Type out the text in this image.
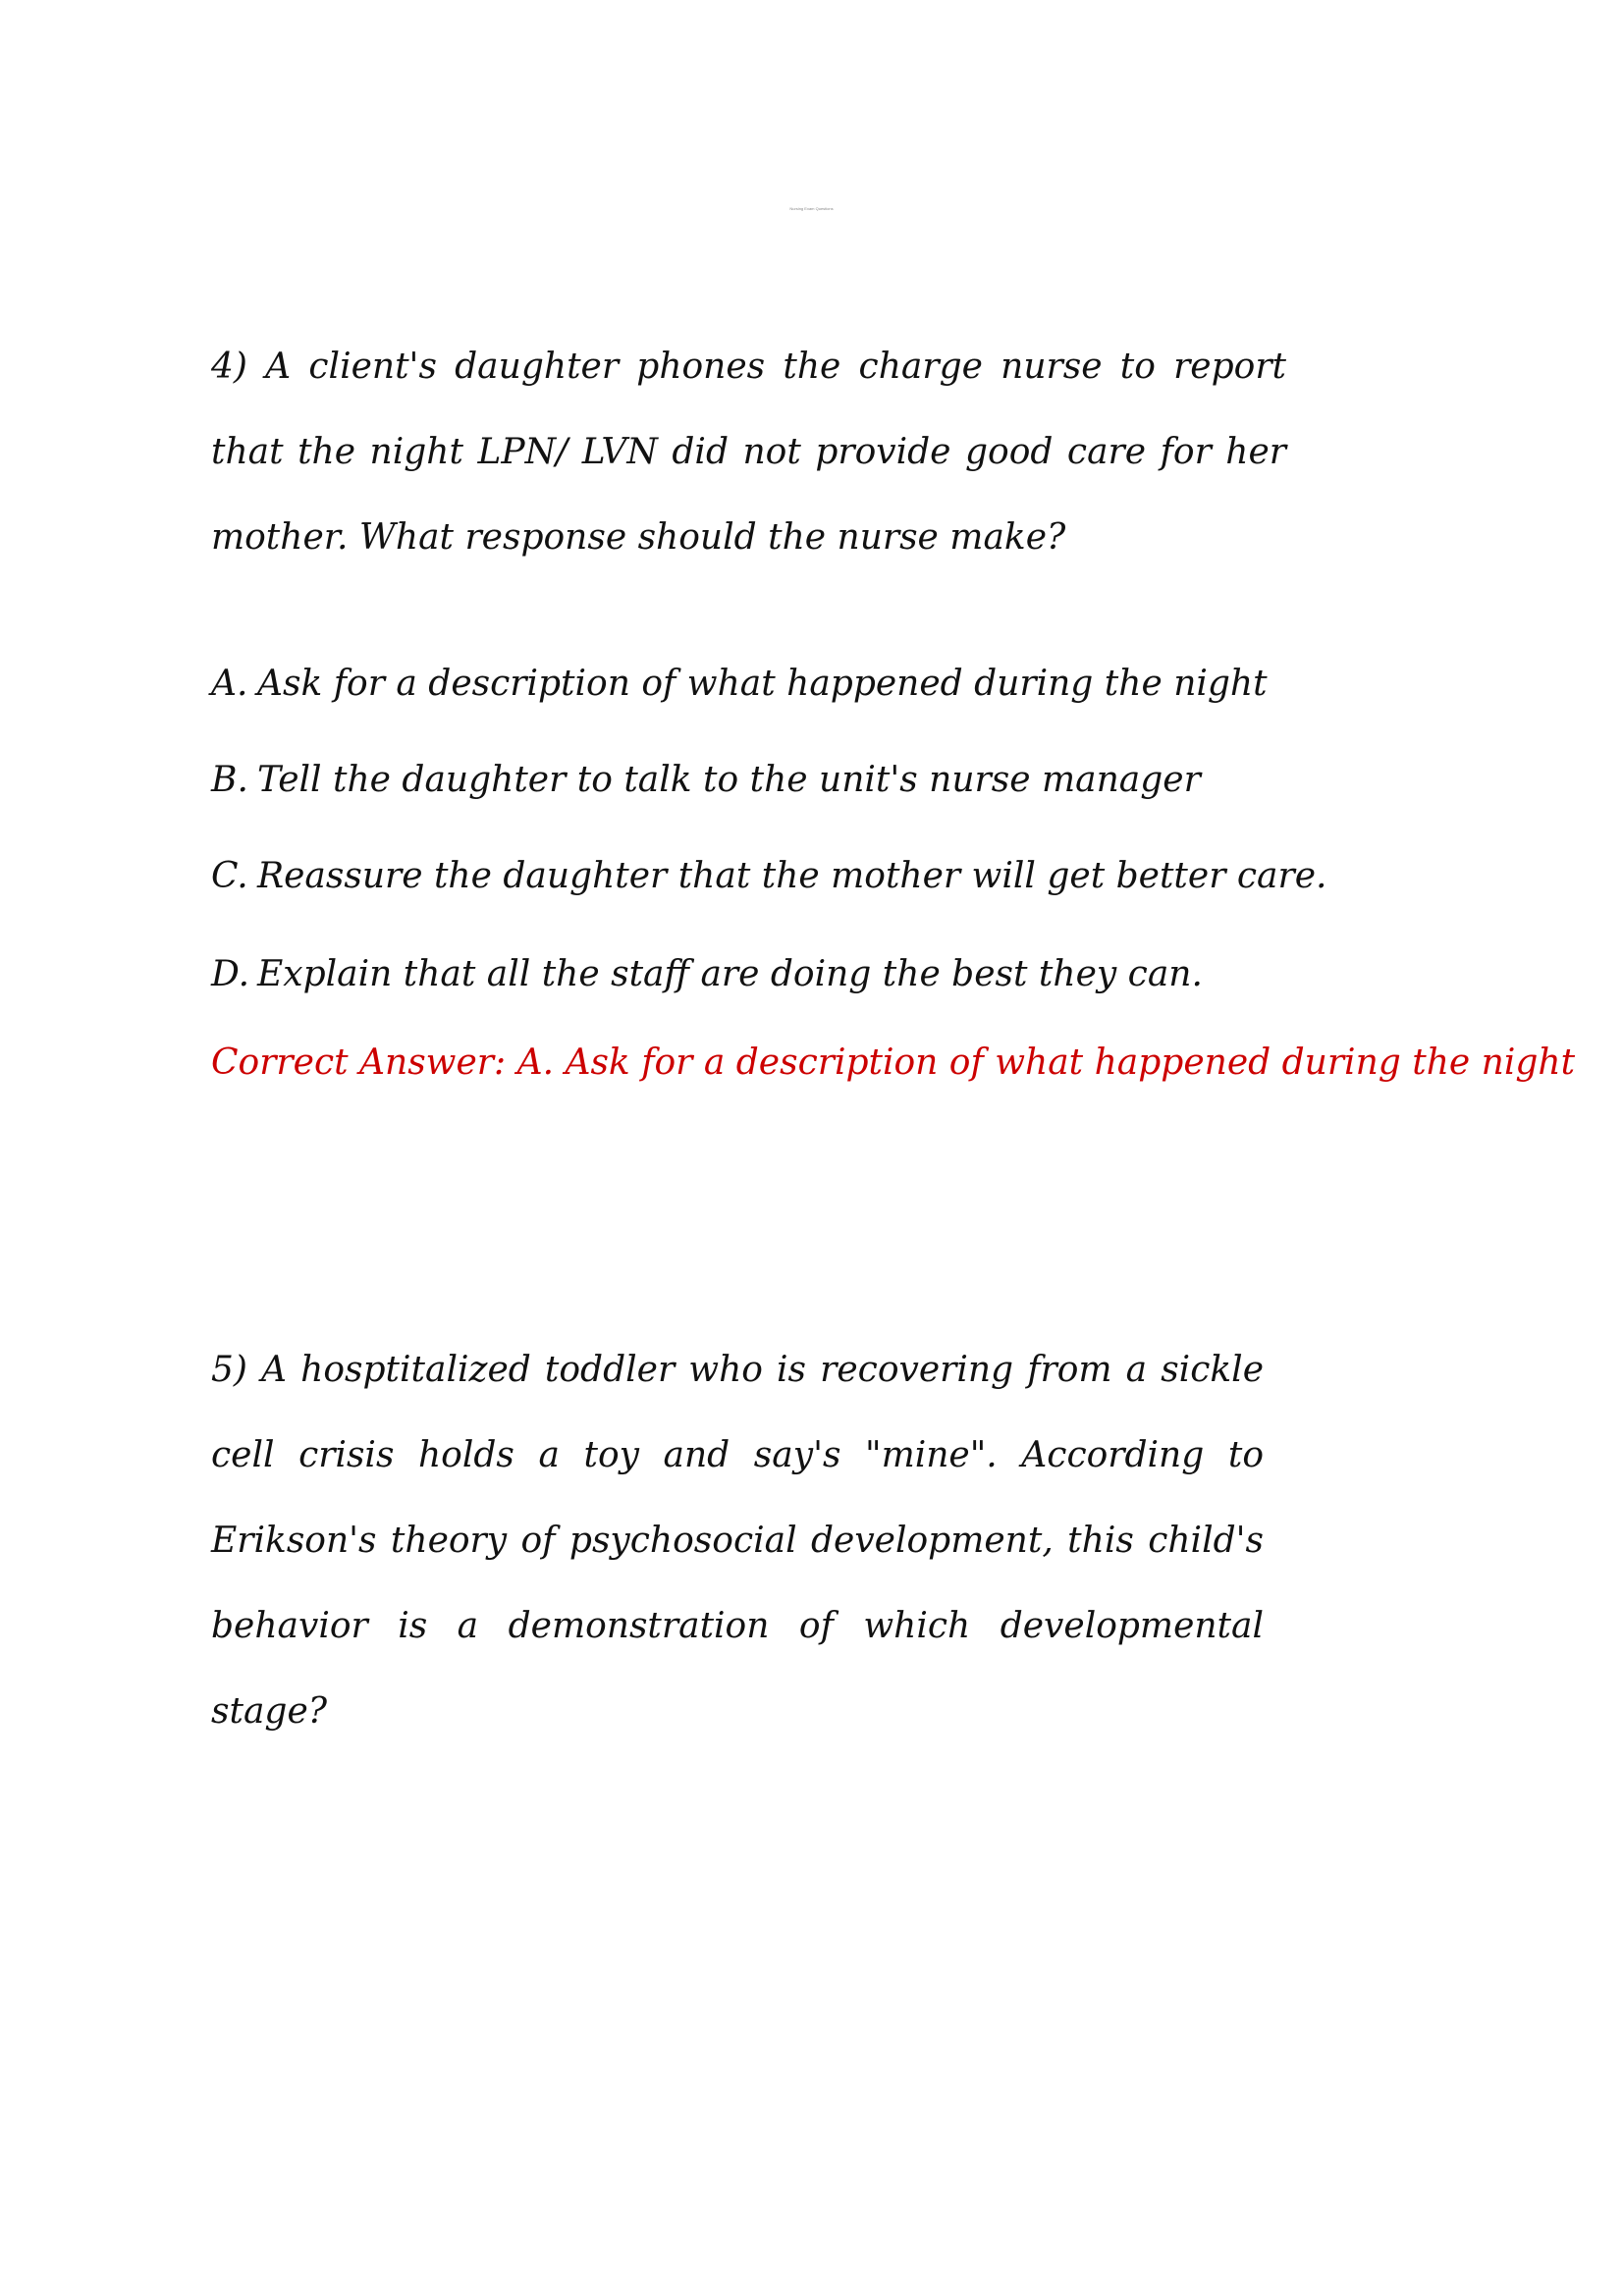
Nursing Exam Questions

4) A client's daughter phones the charge nurse to report that the night LPN/ LVN did not provide good care for her mother. What response should the nurse make?

A. Ask for a description of what happened during the night

B. Tell the daughter to talk to the unit's nurse manager

C. Reassure the daughter that the mother will get better care.

D. Explain that all the staff are doing the best they can.

Correct Answer: A. Ask for a description of what happened during the night

5) A hosptitalized toddler who is recovering from a sickle cell crisis holds a toy and say's "mine". According to Erikson's theory of psychosocial development, this child's behavior is a demonstration of which developmental stage?
